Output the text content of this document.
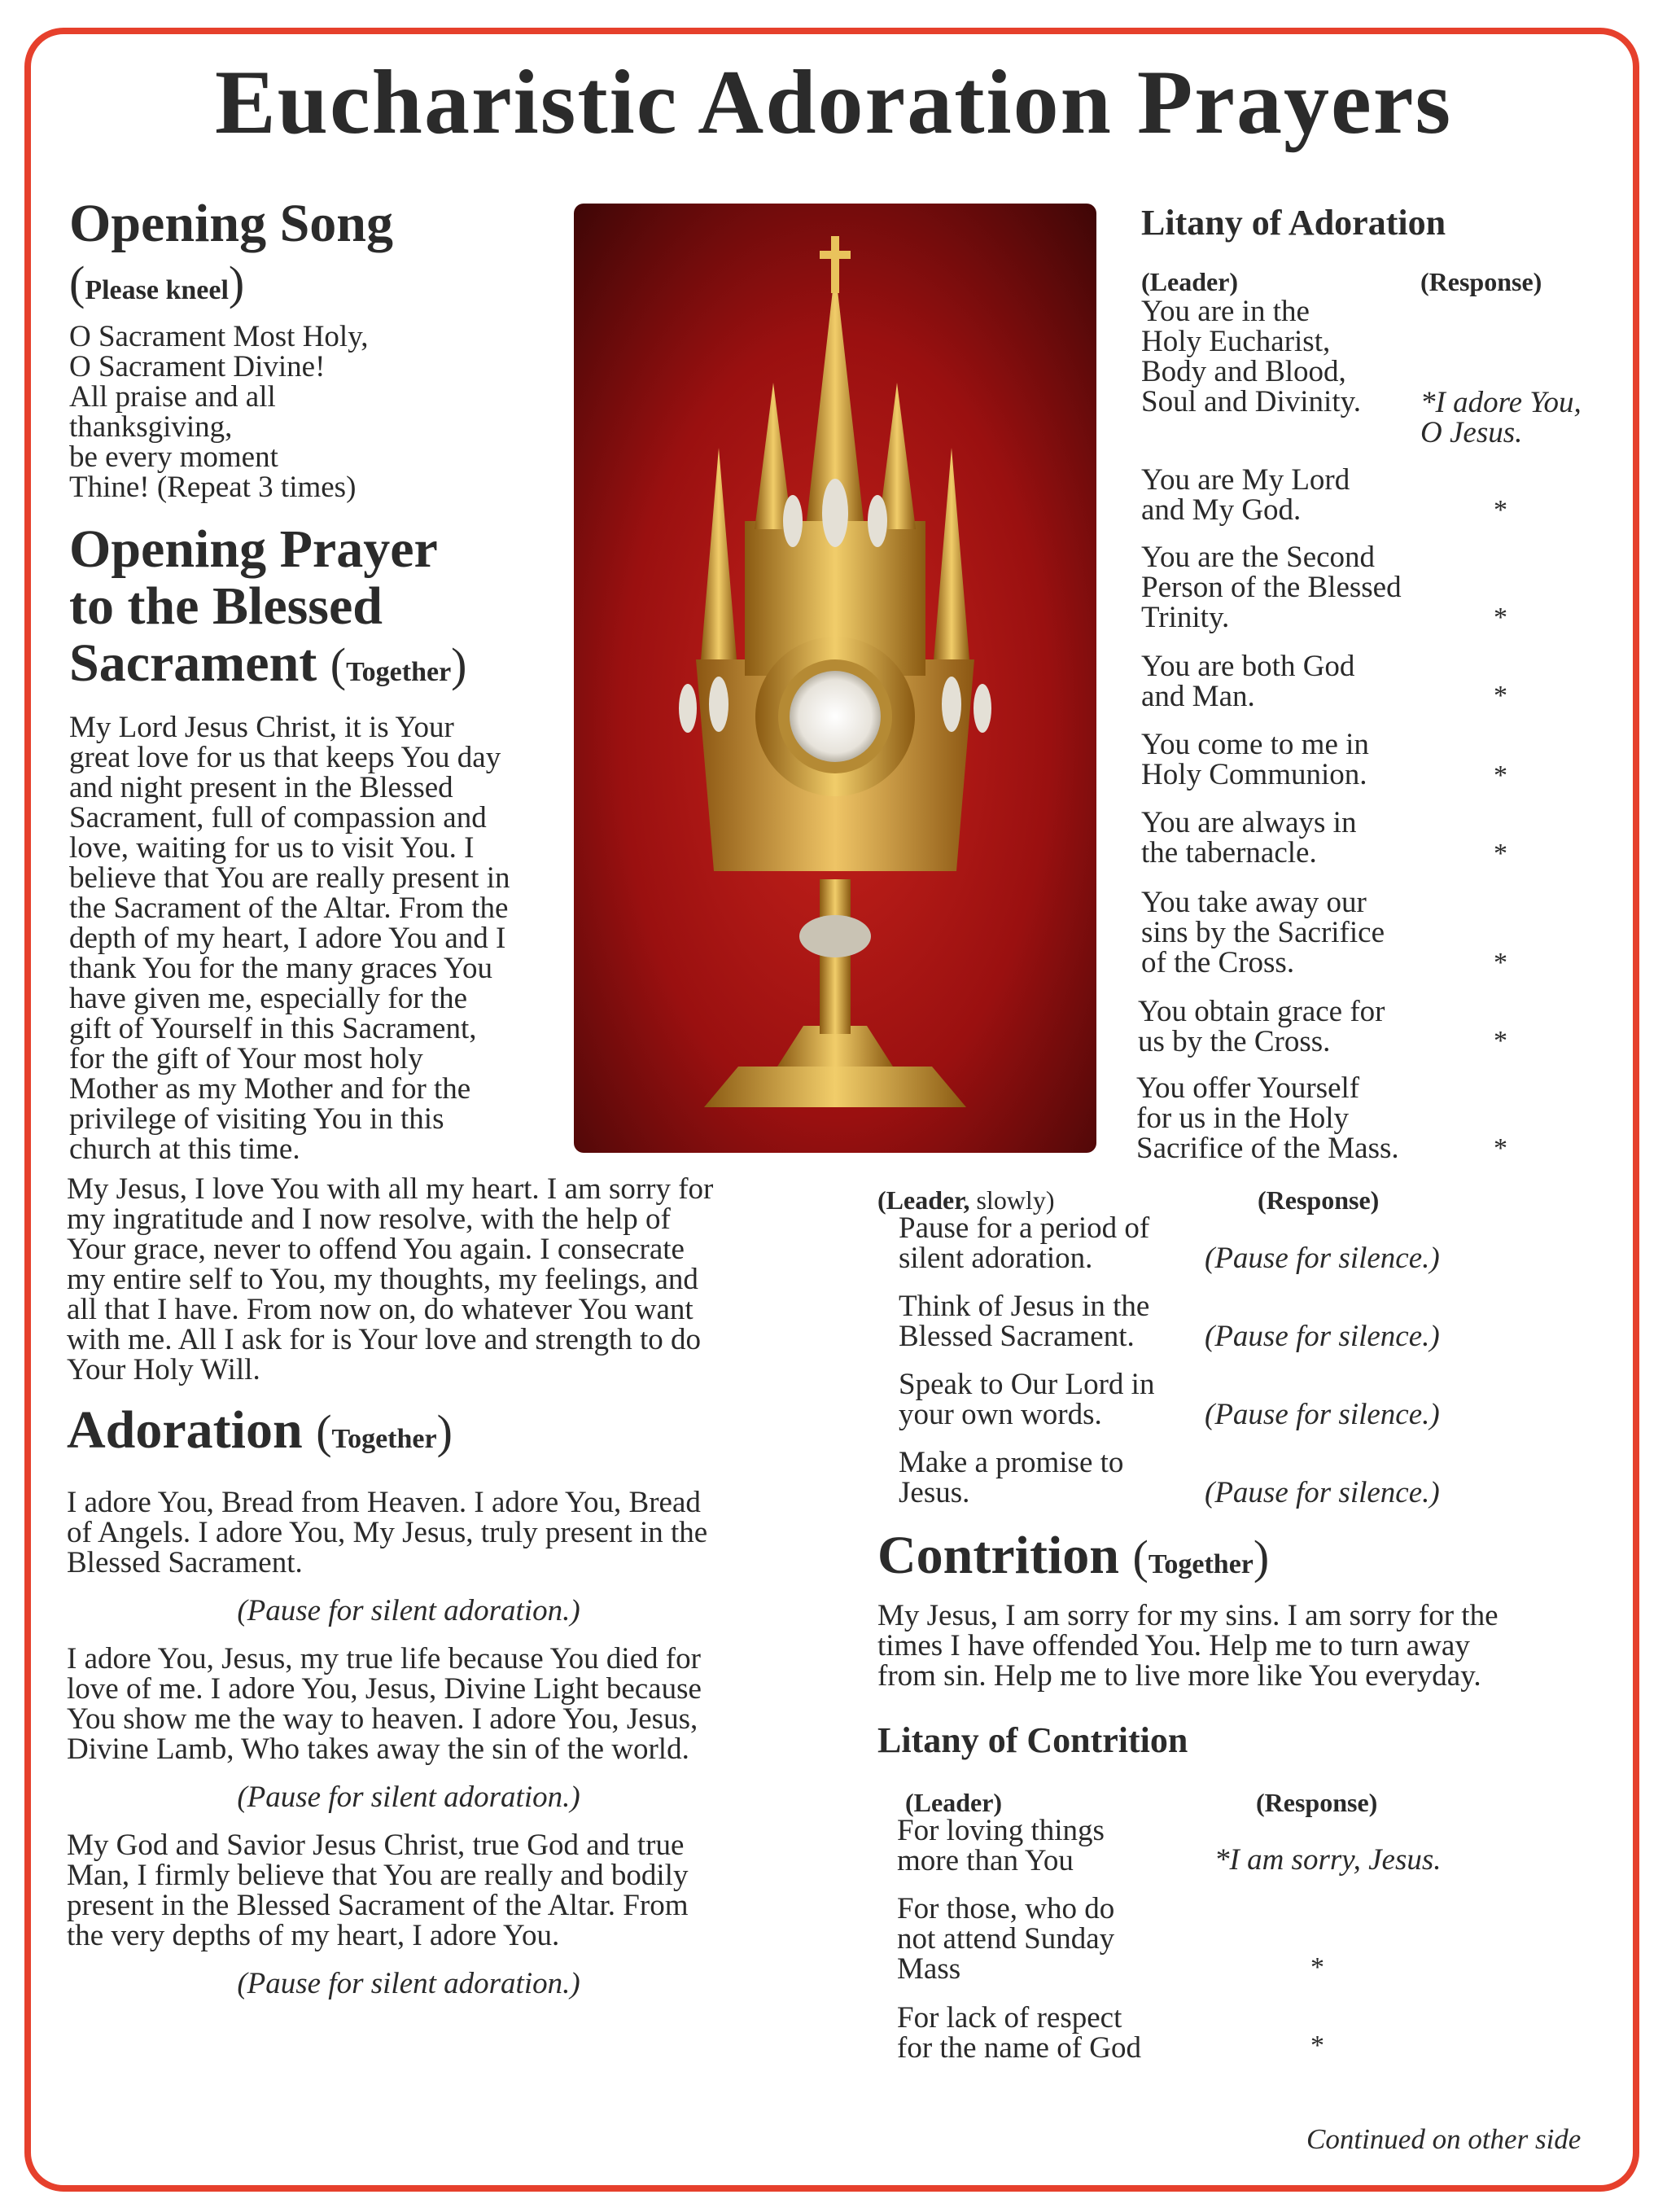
Eucharistic Adoration Prayers
Opening Song
(Please kneel)
O Sacrament Most Holy,
O Sacrament Divine!
All praise and all
thanksgiving,
be every moment
Thine! (Repeat 3 times)
Opening Prayer
to the Blessed
Sacrament (Together)
My Lord Jesus Christ, it is Your
great love for us that keeps You day
and night present in the Blessed
Sacrament, full of compassion and
love, waiting for us to visit You. I
believe that You are really present in
the Sacrament of the Altar. From the
depth of my heart, I adore You and I
thank You for the many graces You
have given me, especially for the
gift of Yourself in this Sacrament,
for the gift of Your most holy
Mother as my Mother and for the
privilege of visiting You in this
church at this time.
My Jesus, I love You with all my heart. I am sorry for
my ingratitude and I now resolve, with the help of
Your grace, never to offend You again. I consecrate
my entire self to You, my thoughts, my feelings, and
all that I have. From now on, do whatever You want
with me. All I ask for is Your love and strength to do
Your Holy Will.
Adoration (Together)
I adore You, Bread from Heaven. I adore You, Bread
of Angels. I adore You, My Jesus, truly present in the
Blessed Sacrament.
(Pause for silent adoration.)
I adore You, Jesus, my true life because You died for
love of me. I adore You, Jesus, Divine Light because
You show me the way to heaven. I adore You, Jesus,
Divine Lamb, Who takes away the sin of the world.
(Pause for silent adoration.)
My God and Savior Jesus Christ, true God and true
Man, I firmly believe that You are really and bodily
present in the Blessed Sacrament of the Altar. From
the very depths of my heart, I adore You.
(Pause for silent adoration.)
Litany of Adoration
(Leader)	(Response)
You are in the
Holy Eucharist,
Body and Blood,
Soul and Divinity.	*I adore You,
O Jesus.
You are My Lord
and My God.	*
You are the Second
Person of the Blessed
Trinity.	*
You are both God
and Man.	*
You come to me in
Holy Communion.	*
You are always in
the tabernacle.	*
You take away our
sins by the Sacrifice
of the Cross.	*
You obtain grace for
us by the Cross.	*
You offer Yourself
for us in the Holy
Sacrifice of the Mass.	*
(Leader, slowly)	(Response)
Pause for a period of
silent adoration.	(Pause for silence.)
Think of Jesus in the
Blessed Sacrament.	(Pause for silence.)
Speak to Our Lord in
your own words.	(Pause for silence.)
Make a promise to
Jesus.	(Pause for silence.)
Contrition (Together)
My Jesus, I am sorry for my sins. I am sorry for the
times I have offended You. Help me to turn away
from sin. Help me to live more like You everyday.
Litany of Contrition
(Leader)	(Response)
For loving things
more than You	*I am sorry, Jesus.
For those, who do
not attend Sunday
Mass	*
For lack of respect
for the name of God	*
Continued on other side
